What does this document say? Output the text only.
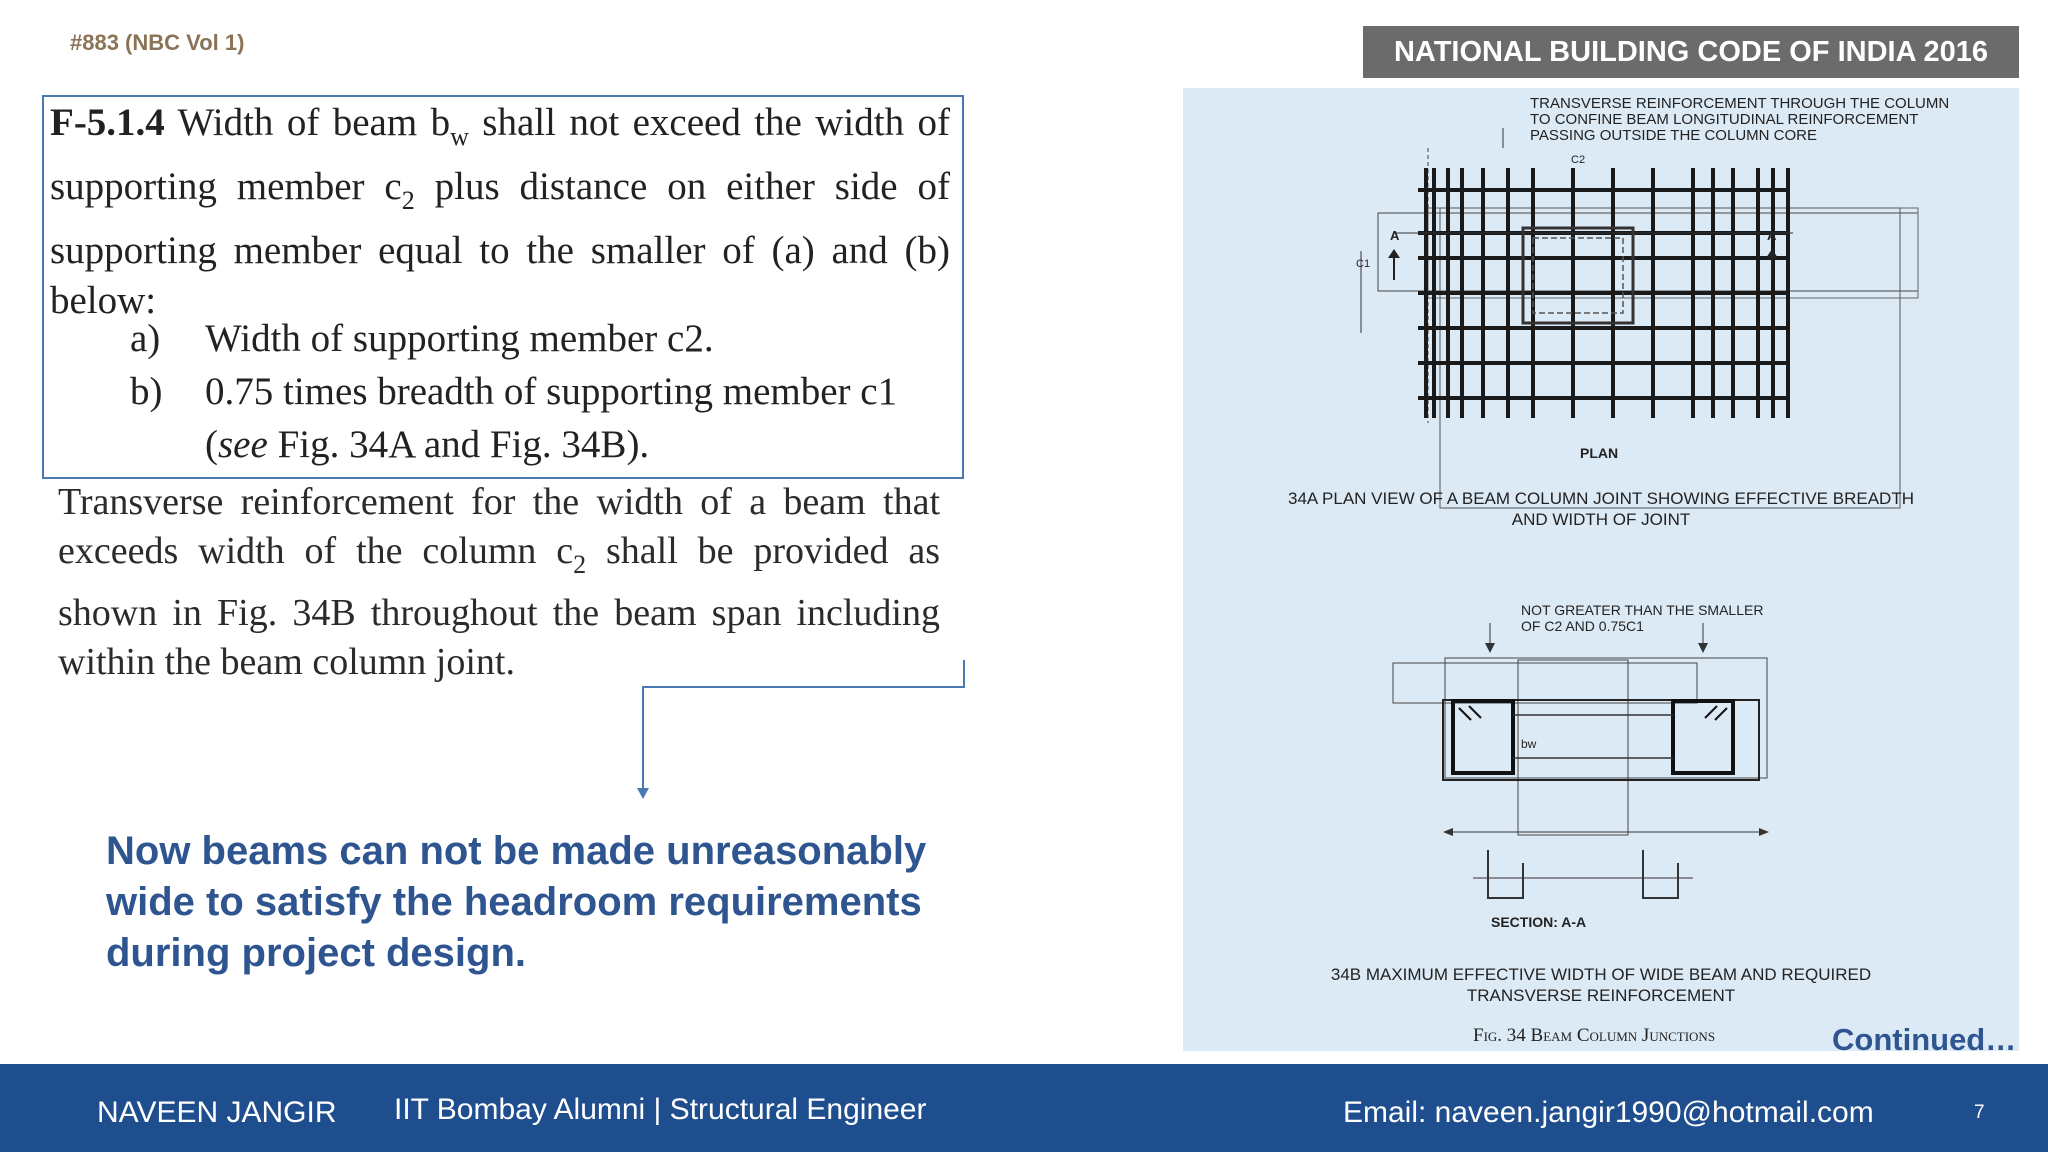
#883 (NBC Vol 1)	NATIONAL BUILDING CODE OF INDIA 2016
F-5.1.4 Width of beam $b_w$ shall not exceed the width of supporting member $c_2$ plus distance on either side of supporting member equal to the smaller of (a) and (b) below:
a)	Width of supporting member c2.
b)	0.75 times breadth of supporting member c1
(see Fig. 34A and Fig. 34B).
Transverse reinforcement for the width of a beam that exceeds width of the column $c_2$ shall be provided as shown in Fig. 34B throughout the beam span including within the beam column joint.
Now beams can not be made unreasonably wide to satisfy the headroom requirements during project design.
TRANSVERSE REINFORCEMENT THROUGH THE COLUMN
TO CONFINE BEAM LONGITUDINAL REINFORCEMENT
PASSING OUTSIDE THE COLUMN CORE
C2
C1
A	A
PLAN
34A PLAN VIEW OF A BEAM COLUMN JOINT SHOWING EFFECTIVE BREADTH
AND WIDTH OF JOINT
NOT GREATER THAN THE SMALLER
OF C2 AND 0.75C1
bw
SECTION: A-A
34B MAXIMUM EFFECTIVE WIDTH OF WIDE BEAM AND REQUIRED
TRANSVERSE REINFORCEMENT
Fig. 34 Beam Column Junctions	Continued…
NAVEEN JANGIR IIT Bombay Alumni | Structural Engineer	Email: naveen.jangir1990@hotmail.com	7
